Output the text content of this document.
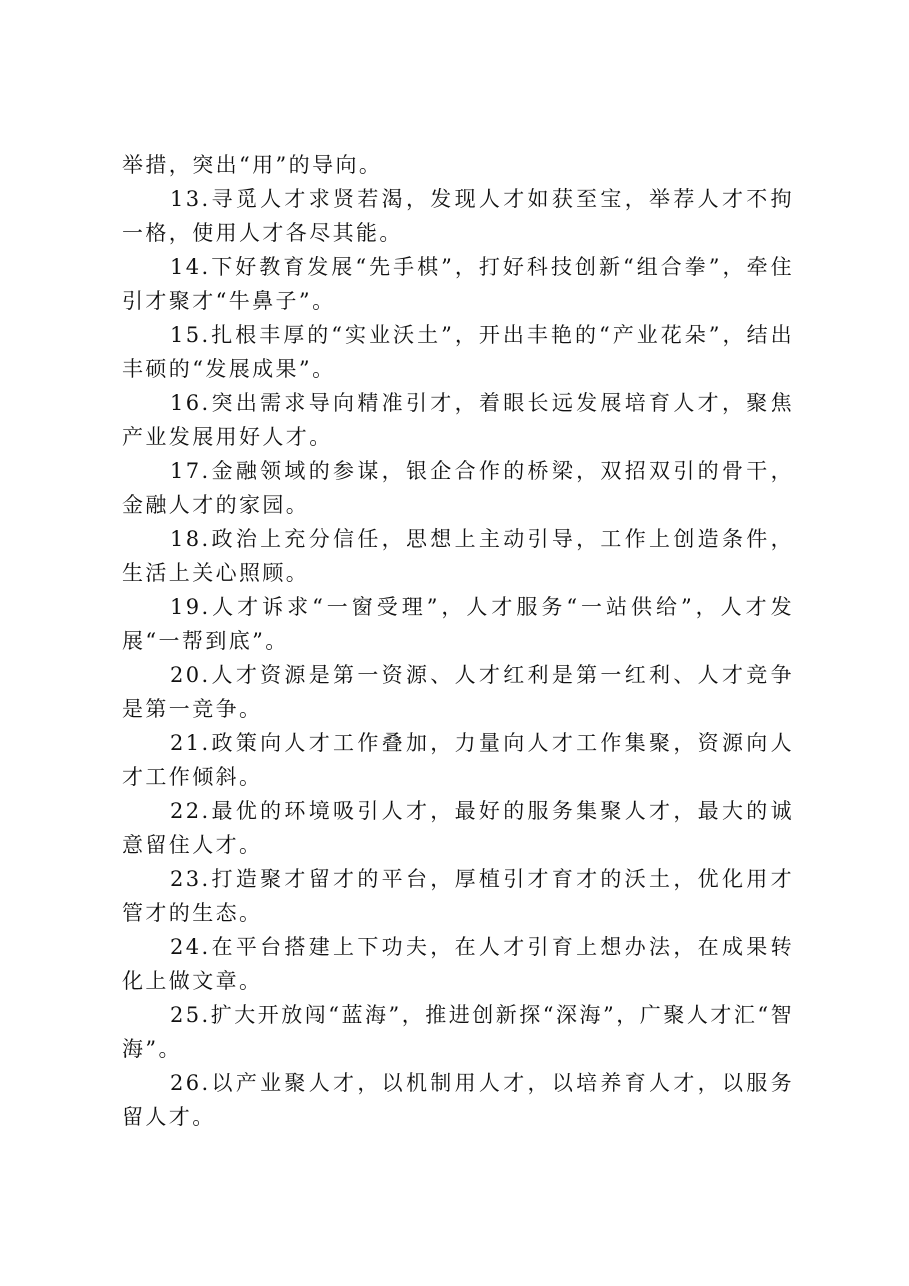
举措，突出“用”的导向。

13.寻觅人才求贤若渴，发现人才如获至宝，举荐人才不拘一格，使用人才各尽其能。

14.下好教育发展“先手棋”，打好科技创新“组合拳”，牵住引才聚才“牛鼻子”。

15.扎根丰厚的“实业沃土”，开出丰艳的“产业花朵”，结出丰硕的“发展成果”。

16.突出需求导向精准引才，着眼长远发展培育人才，聚焦产业发展用好人才。

17.金融领域的参谋，银企合作的桥梁，双招双引的骨干，金融人才的家园。

18.政治上充分信任，思想上主动引导，工作上创造条件，生活上关心照顾。

19.人才诉求“一窗受理”，人才服务“一站供给”，人才发展“一帮到底”。

20.人才资源是第一资源、人才红利是第一红利、人才竞争是第一竞争。

21.政策向人才工作叠加，力量向人才工作集聚，资源向人才工作倾斜。

22.最优的环境吸引人才，最好的服务集聚人才，最大的诚意留住人才。

23.打造聚才留才的平台，厚植引才育才的沃土，优化用才管才的生态。

24.在平台搭建上下功夫，在人才引育上想办法，在成果转化上做文章。

25.扩大开放闯“蓝海”，推进创新探“深海”，广聚人才汇“智海”。

26.以产业聚人才，以机制用人才，以培养育人才，以服务留人才。
